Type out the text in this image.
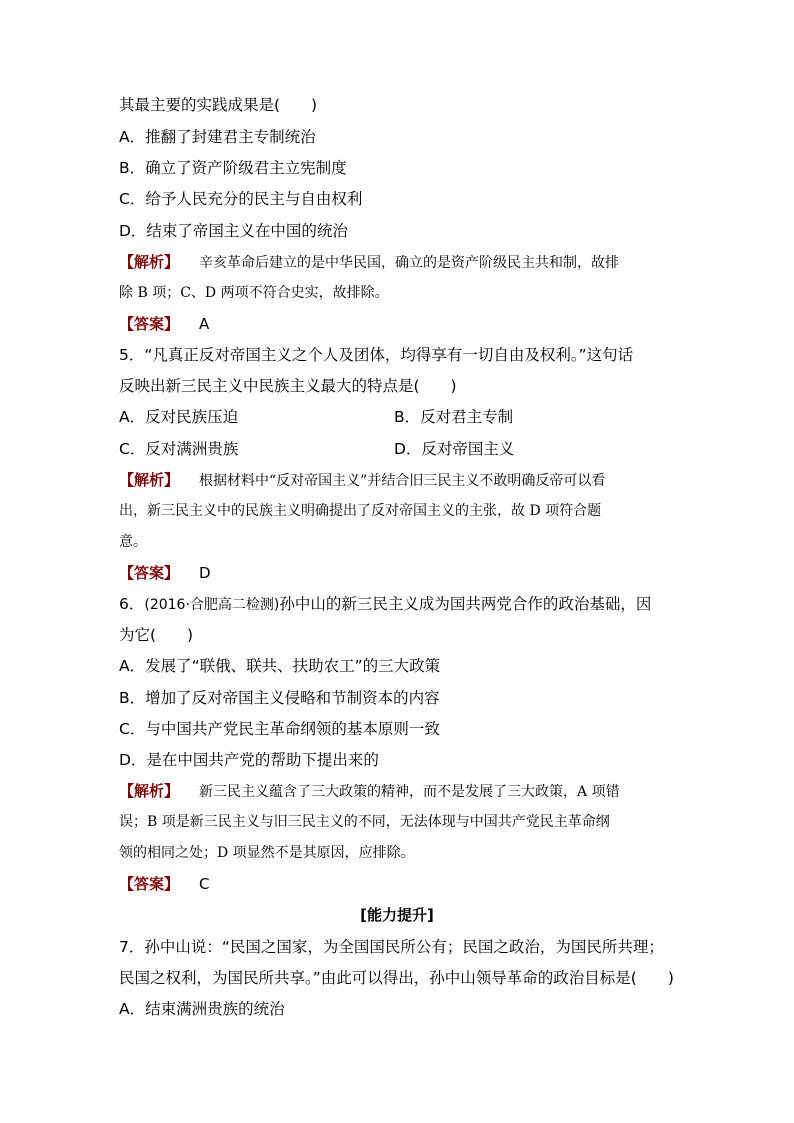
其最主要的实践成果是(　　)
A．推翻了封建君主专制统治
B．确立了资产阶级君主立宪制度
C．给予人民充分的民主与自由权利
D．结束了帝国主义在中国的统治
【解析】 辛亥革命后建立的是中华民国，确立的是资产阶级民主共和制，故排
除 B 项；C、D 两项不符合史实，故排除。
【答案】 A
5．“凡真正反对帝国主义之个人及团体，均得享有一切自由及权利。”这句话
反映出新三民主义中民族主义最大的特点是(　　)
A．反对民族压迫	B．反对君主专制
C．反对满洲贵族	D．反对帝国主义
【解析】 根据材料中“反对帝国主义”并结合旧三民主义不敢明确反帝可以看
出，新三民主义中的民族主义明确提出了反对帝国主义的主张，故 D 项符合题
意。
【答案】 D
6．(2016·合肥高二检测)孙中山的新三民主义成为国共两党合作的政治基础，因
为它(　　)
A．发展了“联俄、联共、扶助农工”的三大政策
B．增加了反对帝国主义侵略和节制资本的内容
C．与中国共产党民主革命纲领的基本原则一致
D．是在中国共产党的帮助下提出来的
【解析】 新三民主义蕴含了三大政策的精神，而不是发展了三大政策，A 项错
误；B 项是新三民主义与旧三民主义的不同，无法体现与中国共产党民主革命纲
领的相同之处；D 项显然不是其原因，应排除。
【答案】 C
[能力提升]
7．孙中山说：“民国之国家，为全国国民所公有；民国之政治，为国民所共理；
民国之权利，为国民所共享。”由此可以得出，孙中山领导革命的政治目标是(　　)
A．结束满洲贵族的统治
